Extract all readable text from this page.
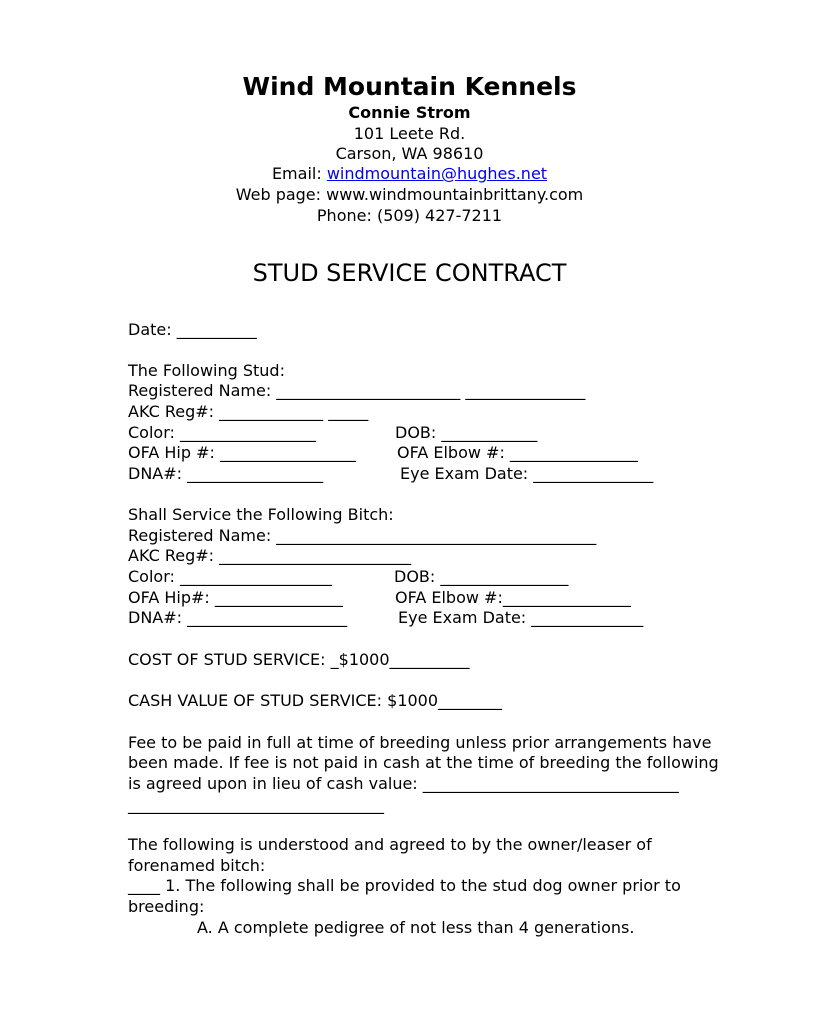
Wind Mountain Kennels
Connie Strom
101 Leete Rd.
Carson, WA 98610
Email: windmountain@hughes.net
Web page: www.windmountainbrittany.com
Phone: (509) 427-7211
STUD SERVICE CONTRACT
Date: __________
The Following Stud:
Registered Name: _______________________ _______________
AKC Reg#: _____________ _____
Color: _________________	DOB: ____________
OFA Hip #: _________________	OFA Elbow #: ________________
DNA#: _________________	Eye Exam Date: _______________
Shall Service the Following Bitch:
Registered Name: ________________________________________
AKC Reg#: ________________________
Color: ___________________	DOB: ________________
OFA Hip#: ________________	OFA Elbow #:________________
DNA#: ____________________	Eye Exam Date: ______________
COST OF STUD SERVICE: _$1000__________
CASH VALUE OF STUD SERVICE: $1000________
Fee to be paid in full at time of breeding unless prior arrangements have
been made. If fee is not paid in cash at the time of breeding the following
is agreed upon in lieu of cash value: ________________________________
________________________________
The following is understood and agreed to by the owner/leaser of
forenamed bitch:
____ 1. The following shall be provided to the stud dog owner prior to
breeding:
A. A complete pedigree of not less than 4 generations.
